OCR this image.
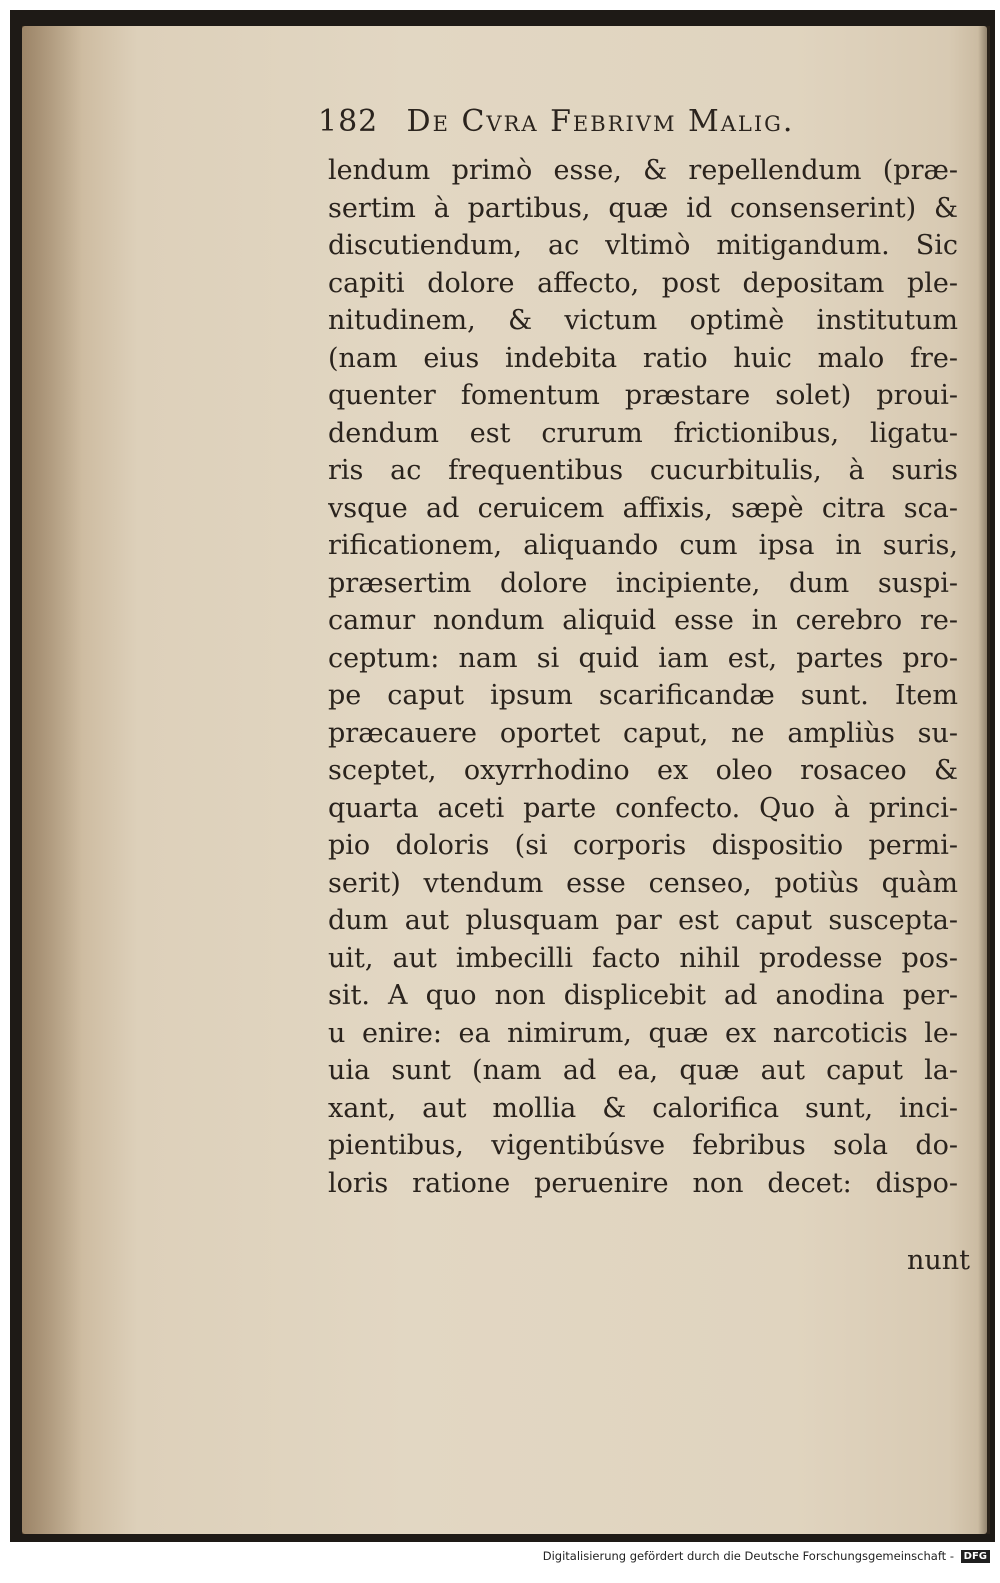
182 De Cvra Febrivm Malig.
lendum primò esse, & repellendum (præ-
sertim à partibus, quæ id consenserint) &
discutiendum, ac vltimò mitigandum. Sic
capiti dolore affecto, post depositam ple-
nitudinem, & victum optimè institutum
(nam eius indebita ratio huic malo fre-
quenter fomentum præstare solet) proui-
dendum est crurum frictionibus, ligatu-
ris ac frequentibus cucurbitulis, à suris
vsque ad ceruicem affixis, sæpè citra sca-
rificationem, aliquando cum ipsa in suris,
præsertim dolore incipiente, dum suspi-
camur nondum aliquid esse in cerebro re-
ceptum: nam si quid iam est, partes pro-
pe caput ipsum scarificandæ sunt. Item
præcauere oportet caput, ne ampliùs su-
sceptet, oxyrrhodino ex oleo rosaceo &
quarta aceti parte confecto. Quo à princi-
pio doloris (si corporis dispositio permi-
serit) vtendum esse censeo, potiùs quàm
dum aut plusquam par est caput suscepta-
uit, aut imbecilli facto nihil prodesse pos-
sit. A quo non displicebit ad anodina per-
u enire: ea nimirum, quæ ex narcoticis le-
uia sunt (nam ad ea, quæ aut caput la-
xant, aut mollia & calorifica sunt, inci-
pientibus, vigentibúsve febribus sola do-
loris ratione peruenire non decet: dispo-
nunt
Digitalisierung gefördert durch die Deutsche Forschungsgemeinschaft - DFG
